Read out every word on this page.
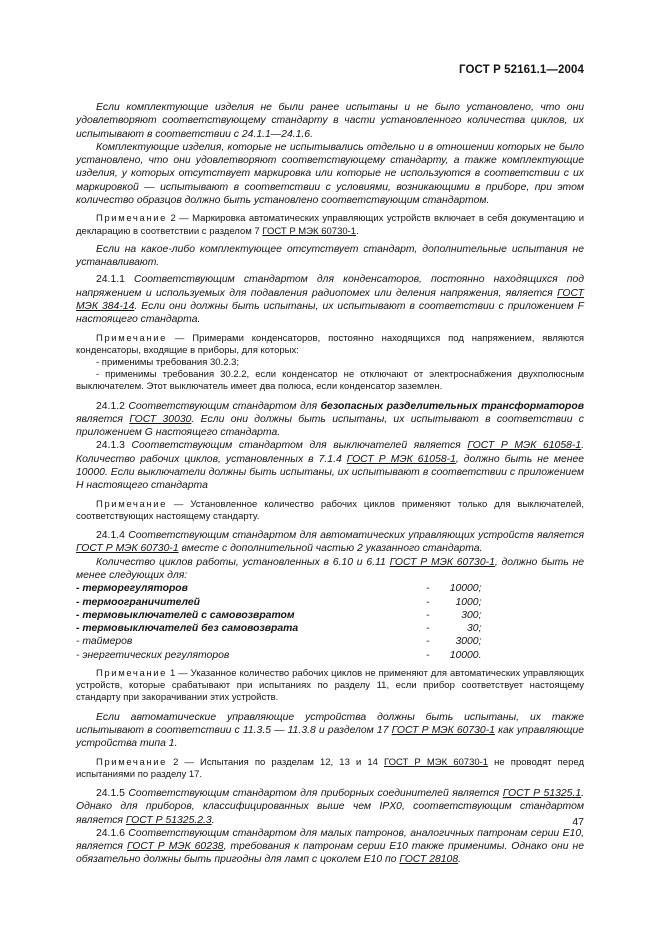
ГОСТ Р 52161.1—2004

Если комплектующие изделия не были ранее испытаны и не было установлено, что они удовлетворяют соответствующему стандарту в части установленного количества циклов, их испытывают в соответствии с 24.1.1—24.1.6.

Комплектующие изделия, которые не испытывались отдельно и в отношении которых не было установлено, что они удовлетворяют соответствующему стандарту, а также комплектующие изделия, у которых отсутствует маркировка или которые не используются в соответствии с их маркировкой — испытывают в соответствии с условиями, возникающими в приборе, при этом количество образцов должно быть установлено соответствующим стандартом.

Примечание 2 — Маркировка автоматических управляющих устройств включает в себя документацию и декларацию в соответствии с разделом 7 ГОСТ Р МЭК 60730-1.

Если на какое-либо комплектующее отсутствует стандарт, дополнительные испытания не устанавливают.

24.1.1 Соответствующим стандартом для конденсаторов, постоянно находящихся под напряжением и используемых для подавления радиопомех или деления напряжения, является ГОСТ МЭК 384-14. Если они должны быть испытаны, их испытывают в соответствии с приложением F настоящего стандарта.

Примечание — Примерами конденсаторов, постоянно находящихся под напряжением, являются конденсаторы, входящие в приборы, для которых:

- применимы требования 30.2.3;

- применимы требования 30.2.2, если конденсатор не отключают от электроснабжения двухполюсным выключателем. Этот выключатель имеет два полюса, если конденсатор заземлен.

24.1.2 Соответствующим стандартом для безопасных разделительных трансформаторов является ГОСТ 30030. Если они должны быть испытаны, их испытывают в соответствии с приложением G настоящего стандарта.

24.1.3 Соответствующим стандартом для выключателей является ГОСТ Р МЭК 61058-1. Количество рабочих циклов, установленных в 7.1.4 ГОСТ Р МЭК 61058-1, должно быть не менее 10000. Если выключатели должны быть испытаны, их испытывают в соответствии с приложением H настоящего стандарта

Примечание — Установленное количество рабочих циклов применяют только для выключателей, соответствующих настоящему стандарту.

24.1.4 Соответствующим стандартом для автоматических управляющих устройств является ГОСТ Р МЭК 60730-1 вместе с дополнительной частью 2 указанного стандарта.

Количество циклов работы, установленных в 6.10 и 6.11 ГОСТ Р МЭК 60730-1, должно быть не менее следующих для:

- терморегуляторов	- 10000;
- термоограничителей	- 1000;
- термовыключателей с самовозвратом	-	300;
- термовыключателей без самовозврата	-	30;
- таймеров	- 3000;
- энергетических регуляторов	- 10000.

Примечание 1 — Указанное количество рабочих циклов не применяют для автоматических управляющих устройств, которые срабатывают при испытаниях по разделу 11, если прибор соответствует настоящему стандарту при закорачивании этих устройств.

Если автоматические управляющие устройства должны быть испытаны, их также испытывают в соответствии с 11.3.5 — 11.3.8 и разделом 17 ГОСТ Р МЭК 60730-1 как управляющие устройства типа 1.

Примечание 2 — Испытания по разделам 12, 13 и 14 ГОСТ Р МЭК 60730-1 не проводят перед испытаниями по разделу 17.

24.1.5 Соответствующим стандартом для приборных соединителей является ГОСТ Р 51325.1. Однако для приборов, классифицированных выше чем IPX0, соответствующим стандартом является ГОСТ Р 51325.2.3.

24.1.6 Соответствующим стандартом для малых патронов, аналогичных патронам серии E10, является ГОСТ Р МЭК 60238, требования к патронам серии E10 также применимы. Однако они не обязательно должны быть пригодны для ламп с цоколем E10 по ГОСТ 28108.

47
